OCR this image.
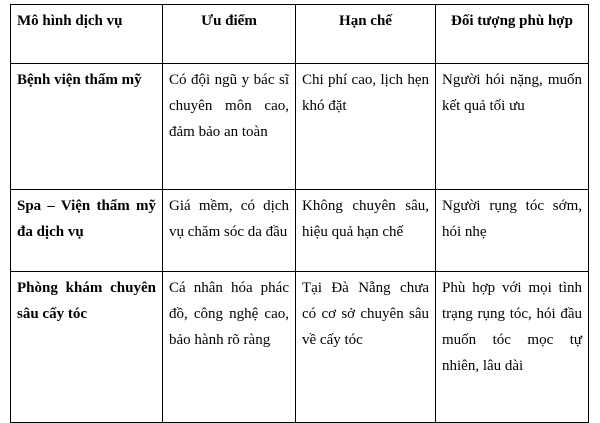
Mô hình dịch vụ	Ưu điểm	Hạn chế	Đối tượng phù hợp
Bệnh viện thẩm mỹ	Có đội ngũ y bác sĩ chuyên môn cao, đảm bảo an toàn	Chi phí cao, lịch hẹn khó đặt	Người hói nặng, muốn kết quả tối ưu
Spa – Viện thẩm mỹ đa dịch vụ	Giá mềm, có dịch vụ chăm sóc da đầu	Không chuyên sâu, hiệu quả hạn chế	Người rụng tóc sớm, hói nhẹ
Phòng khám chuyên sâu cấy tóc	Cá nhân hóa phác đồ, công nghệ cao, bảo hành rõ ràng	Tại Đà Nẵng chưa có cơ sở chuyên sâu về cấy tóc	Phù hợp với mọi tình trạng rụng tóc, hói đầu muốn tóc mọc tự nhiên, lâu dài
